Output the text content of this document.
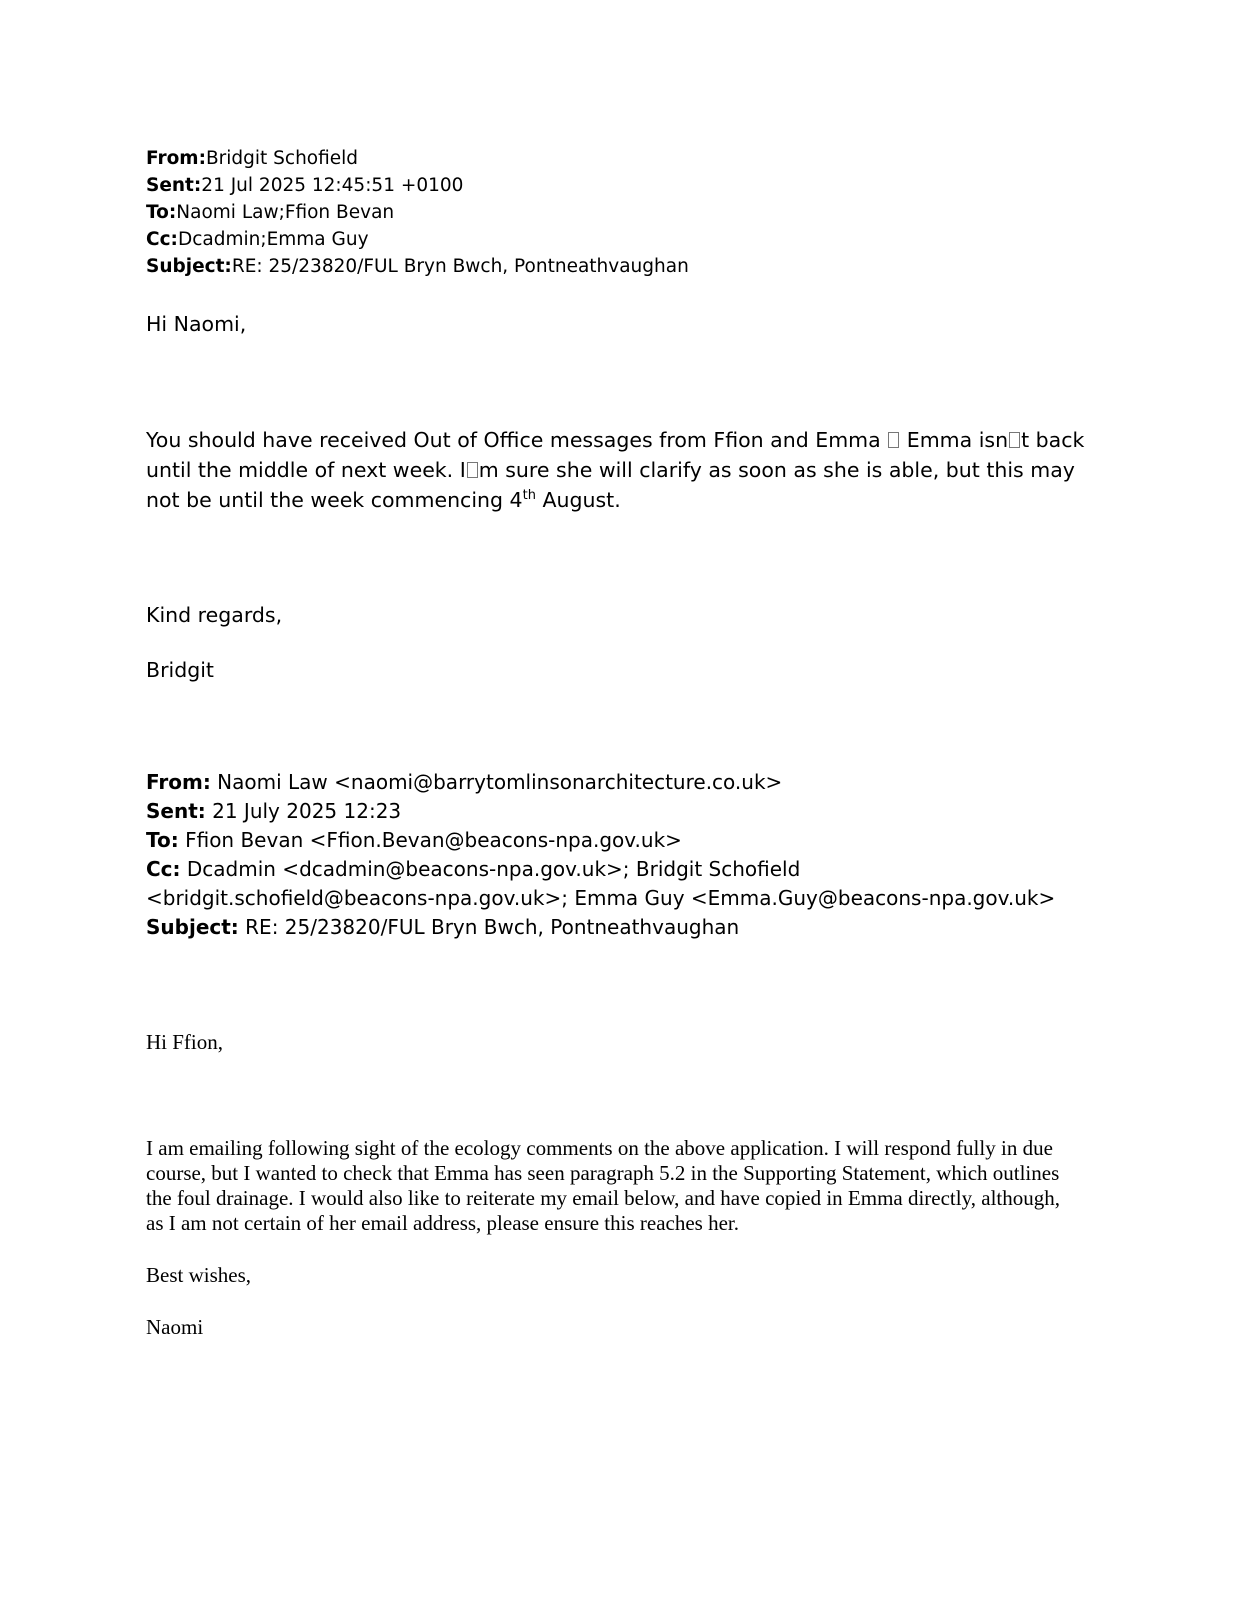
From:Bridgit Schofield
Sent:21 Jul 2025 12:45:51 +0100
To:Naomi Law;Ffion Bevan
Cc:Dcadmin;Emma Guy
Subject:RE: 25/23820/FUL Bryn Bwch, Pontneathvaughan
Hi Naomi,
You should have received Out of Office messages from Ffion and Emma  Emma isn t back until the middle of next week. I m sure she will clarify as soon as she is able, but this may not be until the week commencing 4th August.
Kind regards,
Bridgit
From: Naomi Law <naomi@barrytomlinsonarchitecture.co.uk>
Sent: 21 July 2025 12:23
To: Ffion Bevan <Ffion.Bevan@beacons-npa.gov.uk>
Cc: Dcadmin <dcadmin@beacons-npa.gov.uk>; Bridgit Schofield <bridgit.schofield@beacons-npa.gov.uk>; Emma Guy <Emma.Guy@beacons-npa.gov.uk>
Subject: RE: 25/23820/FUL Bryn Bwch, Pontneathvaughan
Hi Ffion,
I am emailing following sight of the ecology comments on the above application. I will respond fully in due course, but I wanted to check that Emma has seen paragraph 5.2 in the Supporting Statement, which outlines the foul drainage. I would also like to reiterate my email below, and have copied in Emma directly, although, as I am not certain of her email address, please ensure this reaches her.
Best wishes,
Naomi
